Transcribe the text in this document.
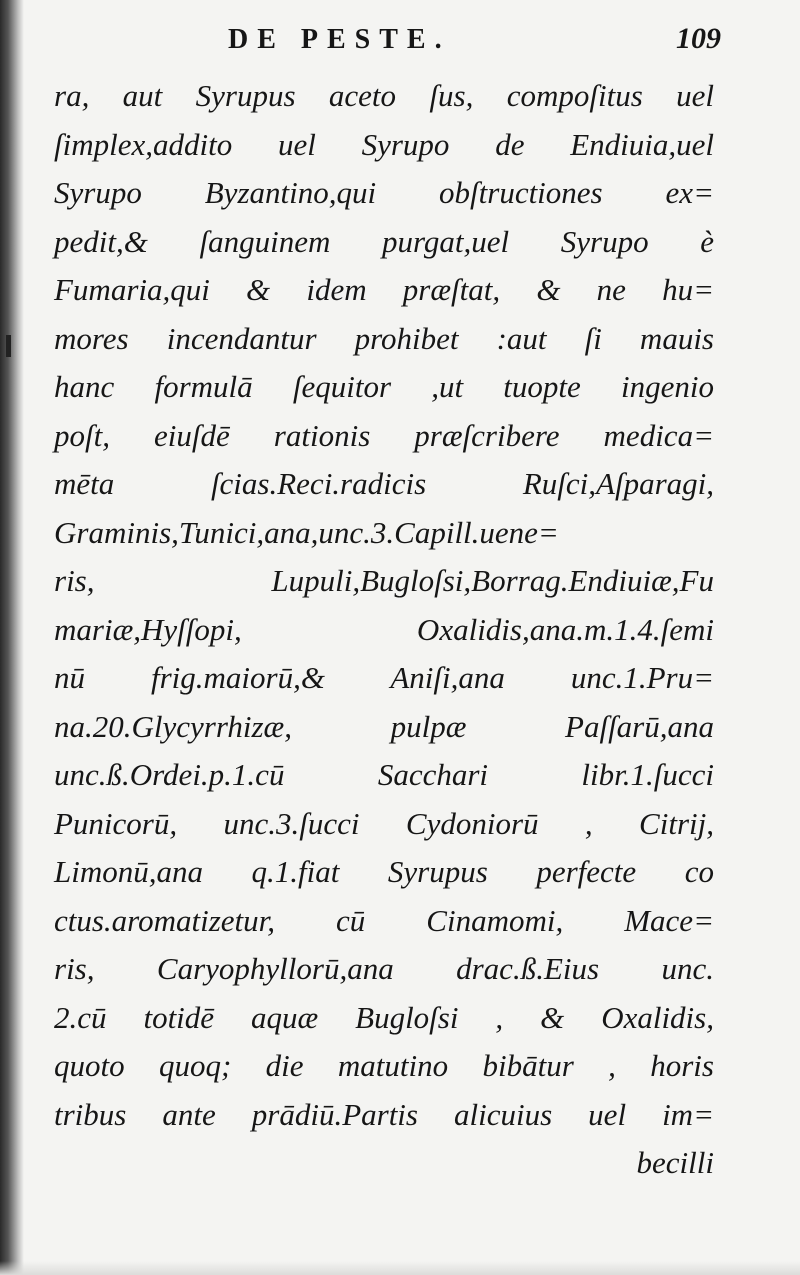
DE PESTE.	109
ra, aut Syrupus aceto ſus, compoſitus uel
ſimplex,addito uel Syrupo de Endiuia,uel
Syrupo Byzantino,qui obſtructiones ex=
pedit,& ſanguinem purgat,uel Syrupo è
Fumaria,qui & idem præſtat, & ne hu=
mores incendantur prohibet :aut ſi mauis
hanc formulā ſequitor ,ut tuopte ingenio
poſt, eiuſdē rationis præſcribere medica=
mēta ſcias.Reci.radicis Ruſci,Aſparagi,
Graminis,Tunici,ana,unc.3.Capill.uene=
ris, Lupuli,Bugloſsi,Borrag.Endiuiæ,Fu
mariæ,Hyſſopi, Oxalidis,ana.m.1.4.ſemi
nū frig.maiorū,& Aniſi,ana unc.1.Pru=
na.20.Glycyrrhizæ, pulpæ Paſſarū,ana
unc.ß.Ordei.p.1.cū Sacchari libr.1.ſucci
Punicorū, unc.3.ſucci Cydoniorū , Citrij,
Limonū,ana q.1.fiat Syrupus perfecte co
ctus.aromatizetur, cū Cinamomi, Mace=
ris, Caryophyllorū,ana drac.ß.Eius unc.
2.cū totidē aquæ Bugloſsi , & Oxalidis,
quoto quoq; die matutino bibātur , horis
tribus ante prādiū.Partis alicuius uel im=
becilli
